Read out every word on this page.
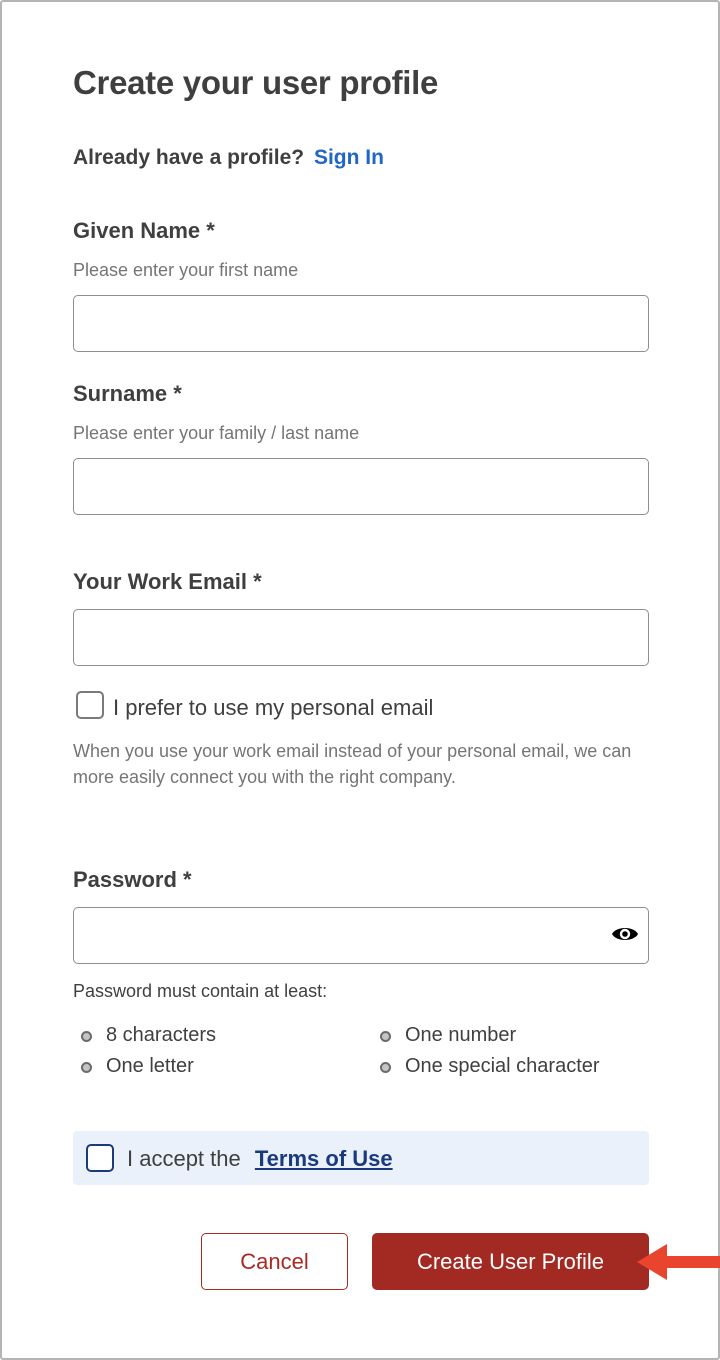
Create your user profile
Already have a profile? Sign In
Given Name *
Please enter your first name
Surname *
Please enter your family / last name
Your Work Email *
I prefer to use my personal email
When you use your work email instead of your personal email, we can more easily connect you with the right company.
Password *
Password must contain at least:
8 characters
One letter
One number
One special character
I accept the Terms of Use
Cancel	Create User Profile
